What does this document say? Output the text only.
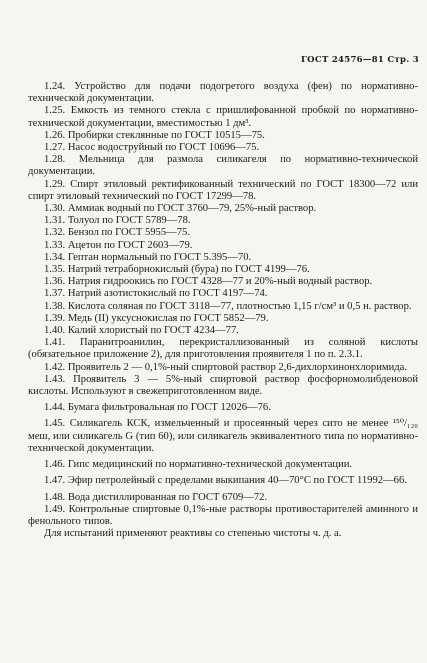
ГОСТ 24576—81 Стр. 3

1.24. Устройство для подачи подогретого воздуха (фен) по нормативно-технической документации.

1.25. Емкость из темного стекла с пришлифованной пробкой по нормативно-технической документации, вместимостью 1 дм³.

1.26. Пробирки стеклянные по ГОСТ 10515—75.

1.27. Насос водоструйный по ГОСТ 10696—75.

1.28. Мельница для размола силикагеля по нормативно-технической документации.

1.29. Спирт этиловый ректификованный технический по ГОСТ 18300—72 или спирт этиловый технический по ГОСТ 17299—78.

1.30. Аммиак водный по ГОСТ 3760—79, 25%-ный раствор.

1.31. Толуол по ГОСТ 5789—78.

1.32. Бензол по ГОСТ 5955—75.

1.33. Ацетон по ГОСТ 2603—79.

1.34. Гептан нормальный по ГОСТ 5.395—70.

1.35. Натрий тетраборнокислый (бура) по ГОСТ 4199—76.

1.36. Натрия гидроокись по ГОСТ 4328—77 и 20%-ный водный раствор.

1.37. Натрий азотистокислый по ГОСТ 4197—74.

1.38. Кислота соляная по ГОСТ 3118—77, плотностью 1,15 г/см³ и 0,5 н. раствор.

1.39. Медь (II) уксуснокислая по ГОСТ 5852—79.

1.40. Калий хлористый по ГОСТ 4234—77.

1.41. Паранитроанилин, перекристаллизованный из соляной кислоты (обязательное приложение 2), для приготовления проявителя 1 по п. 2.3.1.

1.42. Проявитель 2 — 0,1%-ный спиртовой раствор 2,6-дихлорхинонхлоримида.

1.43. Проявитель 3 — 5%-ный спиртовой раствор фосфорномолибденовой кислоты. Используют в свежеприготовленном виде.

1.44. Бумага фильтровальная по ГОСТ 12026—76.

1.45. Силикагель КСК, измельченный и просеянный через сито не менее ¹⁵⁰/₁₂₀ меш, или силикагель G (тип 60), или силикагель эквивалентного типа по нормативно-технической документации.

1.46. Гипс медицинский по нормативно-технической документации.

1.47. Эфир петролейный с пределами выкипания 40—70°С по ГОСТ 11992—66.

1.48. Вода дистиллированная по ГОСТ 6709—72.

1.49. Контрольные спиртовые 0,1%-ные растворы противостарителей аминного и фенольного типов.

Для испытаний применяют реактивы со степенью чистоты ч. д. а.
